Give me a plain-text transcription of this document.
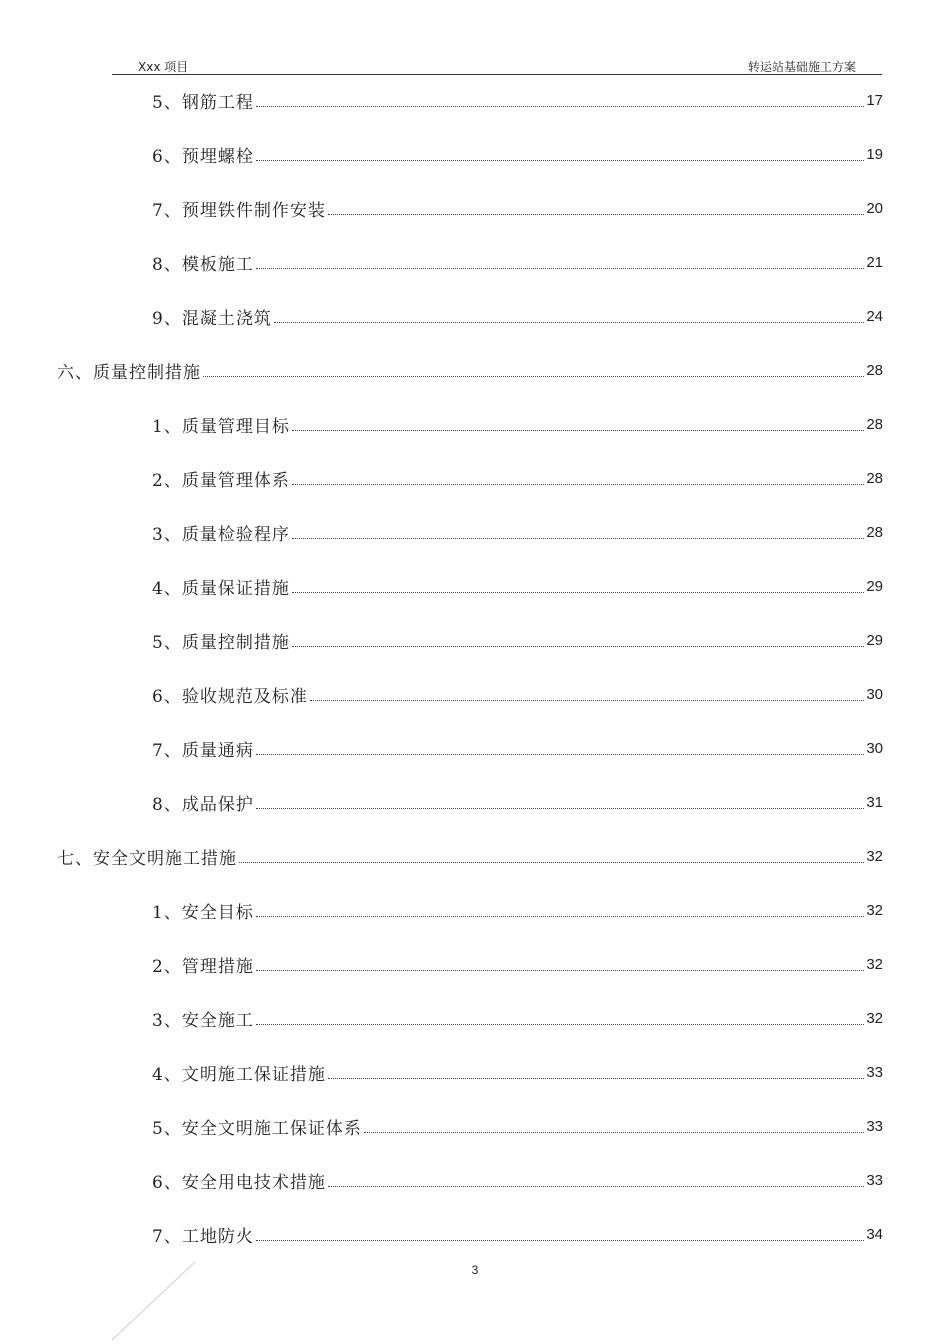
Xxx 项目	转运站基础施工方案
5、钢筋工程	17
6、预埋螺栓	19
7、预埋铁件制作安装	20
8、模板施工	21
9、混凝土浇筑	24
六、质量控制措施	28
1、质量管理目标	28
2、质量管理体系	28
3、质量检验程序	28
4、质量保证措施	29
5、质量控制措施	29
6、验收规范及标准	30
7、质量通病	30
8、成品保护	31
七、安全文明施工措施	32
1、安全目标	32
2、管理措施	32
3、安全施工	32
4、文明施工保证措施	33
5、安全文明施工保证体系	33
6、安全用电技术措施	33
7、工地防火	34
3
